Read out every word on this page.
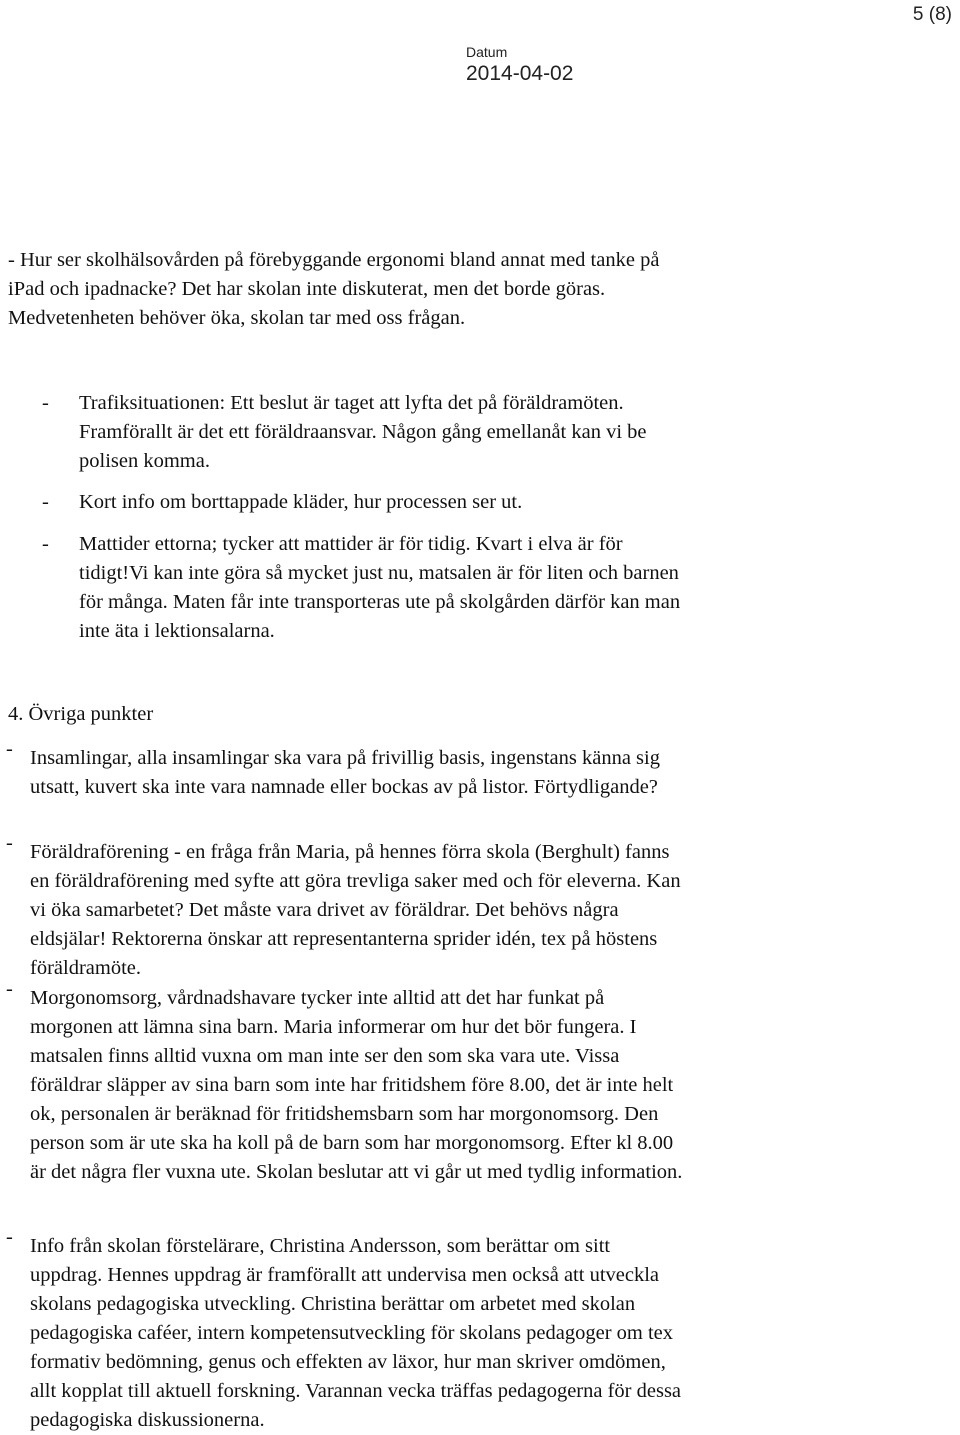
5 (8)
Datum
2014-04-02
- Hur ser skolhälsovården på förebyggande ergonomi bland annat med tanke på
iPad och ipadnacke? Det har skolan inte diskuterat, men det borde göras.
Medvetenheten behöver öka, skolan tar med oss frågan.
- Trafiksituationen: Ett beslut är taget att lyfta det på föräldramöten.
Framförallt är det ett föräldraansvar. Någon gång emellanåt kan vi be
polisen komma.
- Kort info om borttappade kläder, hur processen ser ut.
- Mattider ettorna; tycker att mattider är för tidig. Kvart i elva är för
tidigt!Vi kan inte göra så mycket just nu, matsalen är för liten och barnen
för många. Maten får inte transporteras ute på skolgården därför kan man
inte äta i lektionsalarna.
4. Övriga punkter
- Insamlingar, alla insamlingar ska vara på frivillig basis, ingenstans känna sig
utsatt, kuvert ska inte vara namnade eller bockas av på listor. Förtydligande?
- Föräldraförening - en fråga från Maria, på hennes förra skola (Berghult) fanns
en föräldraförening med syfte att göra trevliga saker med och för eleverna. Kan
vi öka samarbetet? Det måste vara drivet av föräldrar. Det behövs några
eldsjälar! Rektorerna önskar att representanterna sprider idén, tex på höstens
föräldramöte.
- Morgonomsorg, vårdnadshavare tycker inte alltid att det har funkat på
morgonen att lämna sina barn. Maria informerar om hur det bör fungera. I
matsalen finns alltid vuxna om man inte ser den som ska vara ute. Vissa
föräldrar släpper av sina barn som inte har fritidshem före 8.00, det är inte helt
ok, personalen är beräknad för fritidshemsbarn som har morgonomsorg. Den
person som är ute ska ha koll på de barn som har morgonomsorg. Efter kl 8.00
är det några fler vuxna ute. Skolan beslutar att vi går ut med tydlig information.
- Info från skolan förstelärare, Christina Andersson, som berättar om sitt
uppdrag. Hennes uppdrag är framförallt att undervisa men också att utveckla
skolans pedagogiska utveckling. Christina berättar om arbetet med skolan
pedagogiska caféer, intern kompetensutveckling för skolans pedagoger om tex
formativ bedömning, genus och effekten av läxor, hur man skriver omdömen,
allt kopplat till aktuell forskning. Varannan vecka träffas pedagogerna för dessa
pedagogiska diskussionerna.
